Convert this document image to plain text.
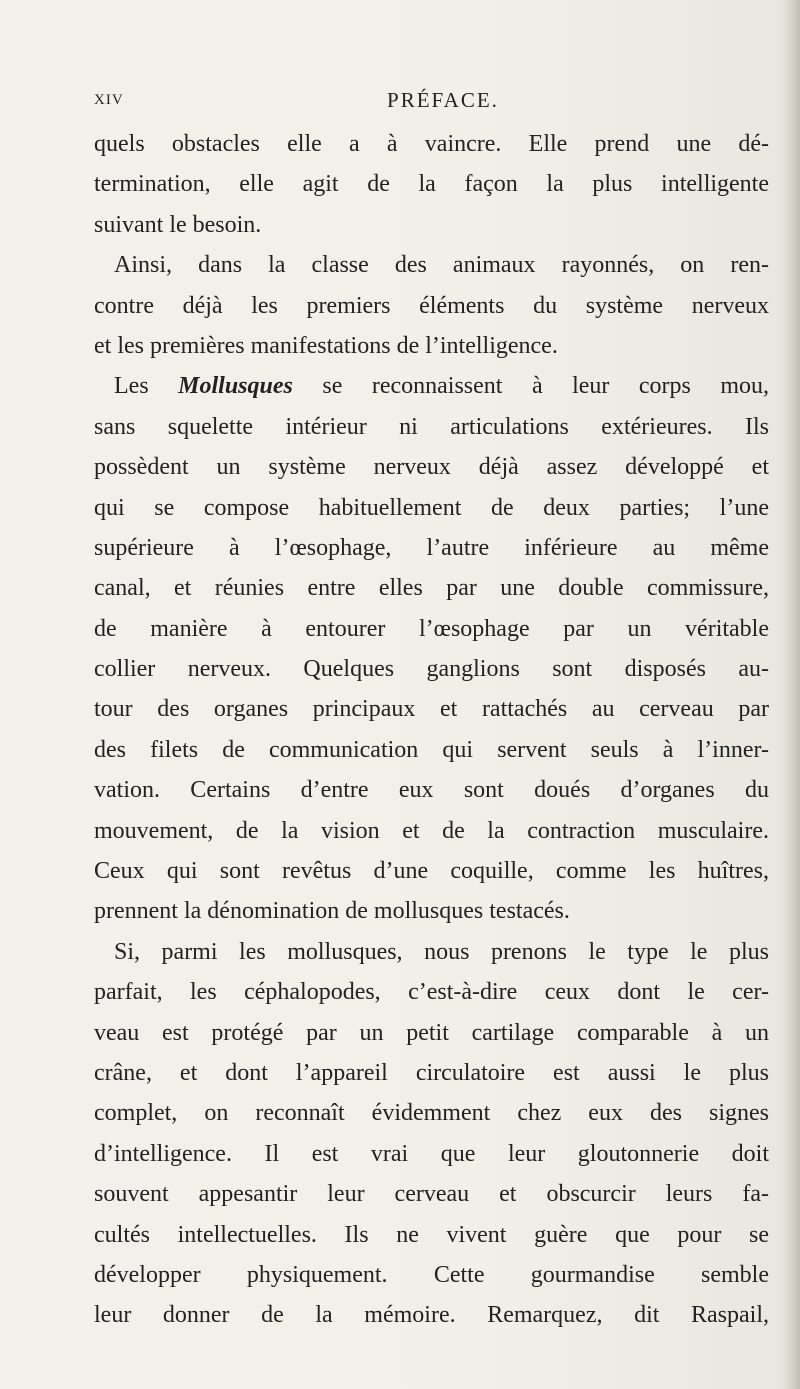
XIV	PRÉFACE.
quels obstacles elle a à vaincre. Elle prend une dé-
termination, elle agit de la façon la plus intelligente
suivant le besoin.
Ainsi, dans la classe des animaux rayonnés, on ren-
contre déjà les premiers éléments du système nerveux
et les premières manifestations de l’intelligence.
Les Mollusques se reconnaissent à leur corps mou,
sans squelette intérieur ni articulations extérieures. Ils
possèdent un système nerveux déjà assez développé et
qui se compose habituellement de deux parties; l’une
supérieure à l’œsophage, l’autre inférieure au même
canal, et réunies entre elles par une double commissure,
de manière à entourer l’œsophage par un véritable
collier nerveux. Quelques ganglions sont disposés au-
tour des organes principaux et rattachés au cerveau par
des filets de communication qui servent seuls à l’inner-
vation. Certains d’entre eux sont doués d’organes du
mouvement, de la vision et de la contraction musculaire.
Ceux qui sont revêtus d’une coquille, comme les huîtres,
prennent la dénomination de mollusques testacés.
Si, parmi les mollusques, nous prenons le type le plus
parfait, les céphalopodes, c’est-à-dire ceux dont le cer-
veau est protégé par un petit cartilage comparable à un
crâne, et dont l’appareil circulatoire est aussi le plus
complet, on reconnaît évidemment chez eux des signes
d’intelligence. Il est vrai que leur gloutonnerie doit
souvent appesantir leur cerveau et obscurcir leurs fa-
cultés intellectuelles. Ils ne vivent guère que pour se
développer physiquement. Cette gourmandise semble
leur donner de la mémoire. Remarquez, dit Raspail,
